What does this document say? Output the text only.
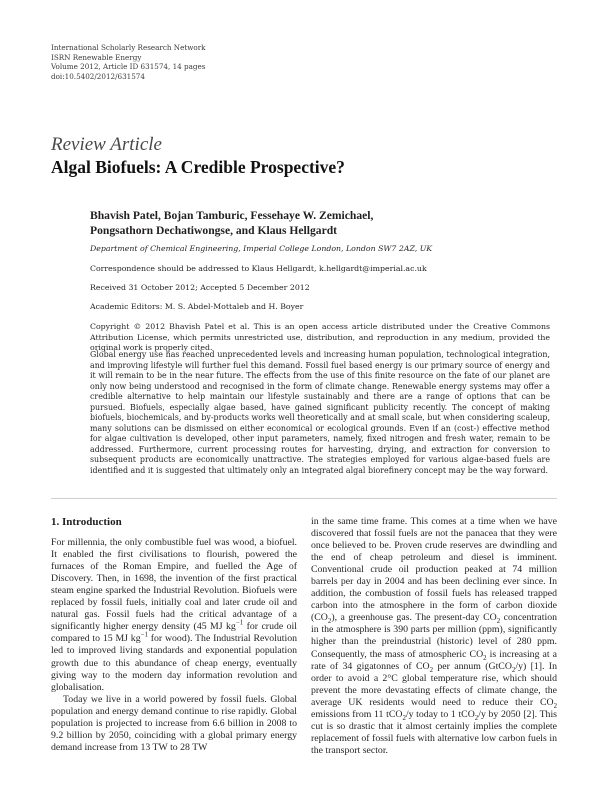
International Scholarly Research Network
ISRN Renewable Energy
Volume 2012, Article ID 631574, 14 pages
doi:10.5402/2012/631574
Review Article
Algal Biofuels: A Credible Prospective?
Bhavish Patel, Bojan Tamburic, Fessehaye W. Zemichael,
Pongsathorn Dechatiwongse, and Klaus Hellgardt
Department of Chemical Engineering, Imperial College London, London SW7 2AZ, UK
Correspondence should be addressed to Klaus Hellgardt, k.hellgardt@imperial.ac.uk
Received 31 October 2012; Accepted 5 December 2012
Academic Editors: M. S. Abdel-Mottaleb and H. Boyer
Copyright © 2012 Bhavish Patel et al. This is an open access article distributed under the Creative Commons Attribution License, which permits unrestricted use, distribution, and reproduction in any medium, provided the original work is properly cited.
Global energy use has reached unprecedented levels and increasing human population, technological integration, and improving lifestyle will further fuel this demand. Fossil fuel based energy is our primary source of energy and it will remain to be in the near future. The effects from the use of this finite resource on the fate of our planet are only now being understood and recognised in the form of climate change. Renewable energy systems may offer a credible alternative to help maintain our lifestyle sustainably and there are a range of options that can be pursued. Biofuels, especially algae based, have gained significant publicity recently. The concept of making biofuels, biochemicals, and by-products works well theoretically and at small scale, but when considering scaleup, many solutions can be dismissed on either economical or ecological grounds. Even if an (cost-) effective method for algae cultivation is developed, other input parameters, namely, fixed nitrogen and fresh water, remain to be addressed. Furthermore, current processing routes for harvesting, drying, and extraction for conversion to subsequent products are economically unattractive. The strategies employed for various algae-based fuels are identified and it is suggested that ultimately only an integrated algal biorefinery concept may be the way forward.
1. Introduction

For millennia, the only combustible fuel was wood, a biofuel. It enabled the first civilisations to flourish, powered the furnaces of the Roman Empire, and fuelled the Age of Discovery. Then, in 1698, the invention of the first practical steam engine sparked the Industrial Revolution. Biofuels were replaced by fossil fuels, initially coal and later crude oil and natural gas. Fossil fuels had the critical advantage of a significantly higher energy density (45 MJ $kg^{-1}$ for crude oil compared to 15 MJ $kg^{-1}$ for wood). The Industrial Revolution led to improved living standards and exponential population growth due to this abundance of cheap energy, eventually giving way to the modern day information revolution and globalisation.

Today we live in a world powered by fossil fuels. Global population and energy demand continue to rise rapidly. Global population is projected to increase from 6.6 billion in 2008 to 9.2 billion by 2050, coinciding with a global primary energy demand increase from 13 TW to 28 TW

in the same time frame. This comes at a time when we have discovered that fossil fuels are not the panacea that they were once believed to be. Proven crude reserves are dwindling and the end of cheap petroleum and diesel is imminent. Conventional crude oil production peaked at 74 million barrels per day in 2004 and has been declining ever since. In addition, the combustion of fossil fuels has released trapped carbon into the atmosphere in the form of carbon dioxide $(CO_2)$, a greenhouse gas. The present-day $CO_2$ concentration in the atmosphere is 390 parts per million (ppm), significantly higher than the preindustrial (historic) level of 280 ppm. Consequently, the mass of atmospheric $CO_2$ is increasing at a rate of 34 gigatonnes of $CO_2$ per annum (GtCO$_2$/y) [1]. In order to avoid a 2°C global temperature rise, which should prevent the more devastating effects of climate change, the average UK residents would need to reduce their $CO_2$ emissions from 11 tCO$_2$/y today to 1 tCO$_2$/y by 2050 [2]. This cut is so drastic that it almost certainly implies the complete replacement of fossil fuels with alternative low carbon fuels in the transport sector.
